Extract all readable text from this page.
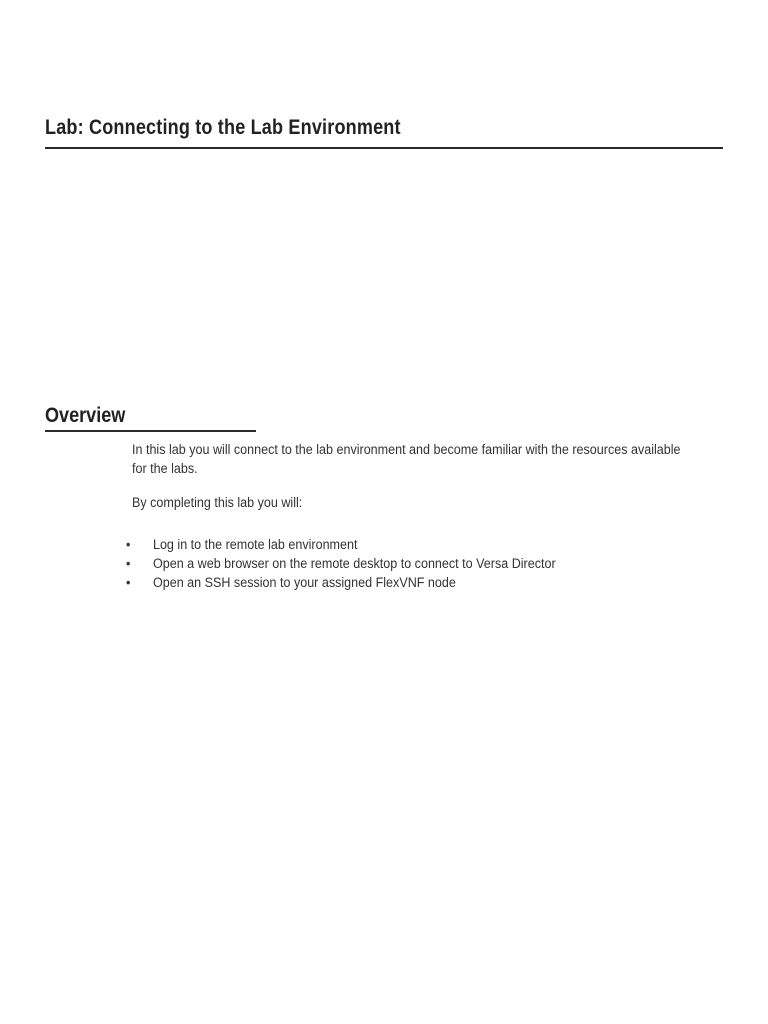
Lab: Connecting to the Lab Environment
Overview

In this lab you will connect to the lab environment and become familiar with the resources available for the labs.

By completing this lab you will:

• Log in to the remote lab environment
• Open a web browser on the remote desktop to connect to Versa Director
• Open an SSH session to your assigned FlexVNF node
